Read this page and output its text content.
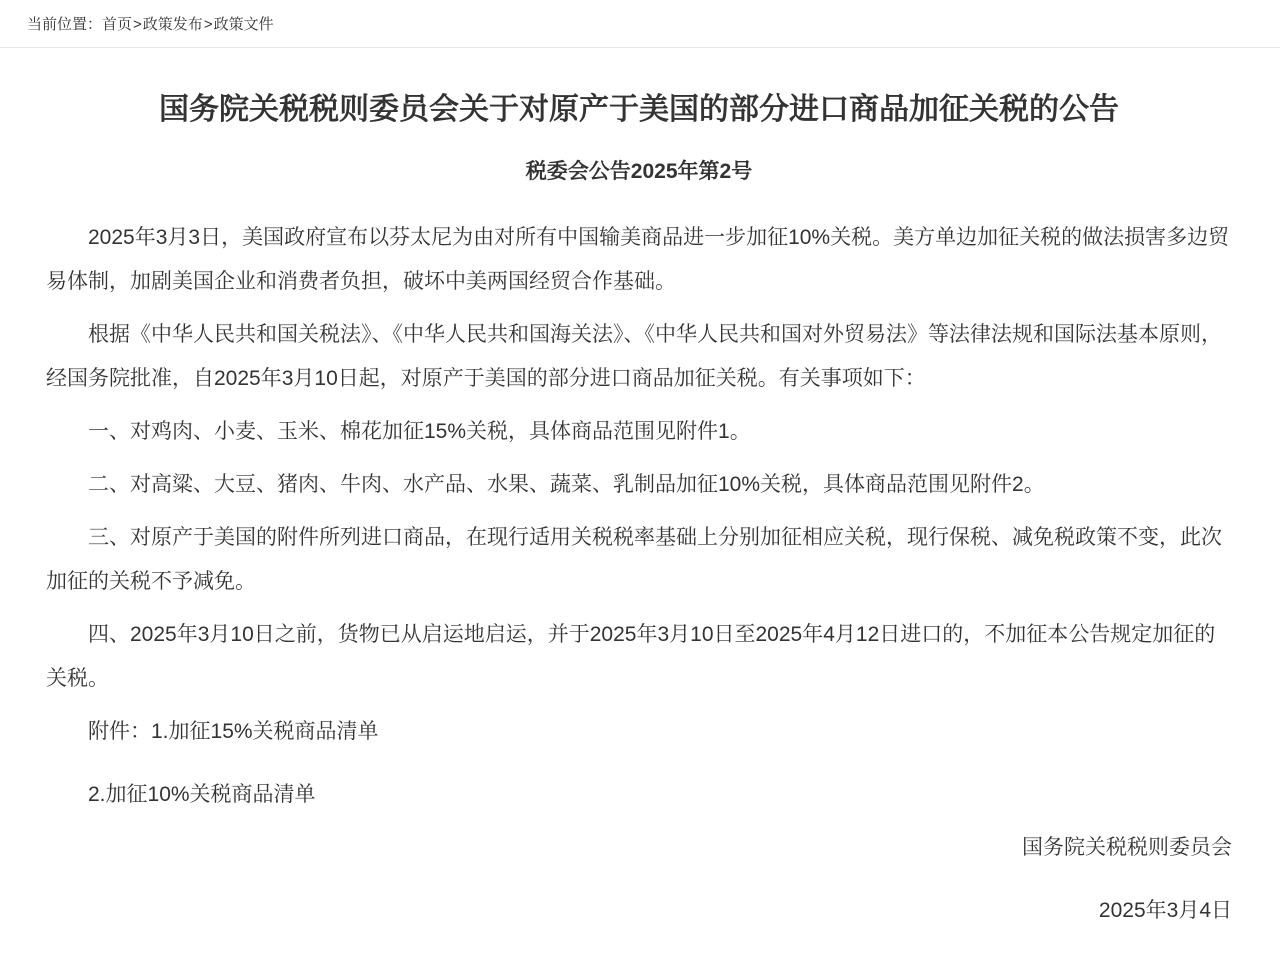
当前位置：首页>政策发布>政策文件
国务院关税税则委员会关于对原产于美国的部分进口商品加征关税的公告
税委会公告2025年第2号

2025年3月3日，美国政府宣布以芬太尼为由对所有中国输美商品进一步加征10%关税。美方单边加征关税的做法损害多边贸易体制，加剧美国企业和消费者负担，破坏中美两国经贸合作基础。

根据《中华人民共和国关税法》、《中华人民共和国海关法》、《中华人民共和国对外贸易法》等法律法规和国际法基本原则，经国务院批准，自2025年3月10日起，对原产于美国的部分进口商品加征关税。有关事项如下：

一、对鸡肉、小麦、玉米、棉花加征15%关税，具体商品范围见附件1。

二、对高粱、大豆、猪肉、牛肉、水产品、水果、蔬菜、乳制品加征10%关税，具体商品范围见附件2。

三、对原产于美国的附件所列进口商品，在现行适用关税税率基础上分别加征相应关税，现行保税、减免税政策不变，此次加征的关税不予减免。

四、2025年3月10日之前，货物已从启运地启运，并于2025年3月10日至2025年4月12日进口的，不加征本公告规定加征的关税。

附件：1.加征15%关税商品清单

2.加征10%关税商品清单

国务院关税税则委员会

2025年3月4日
